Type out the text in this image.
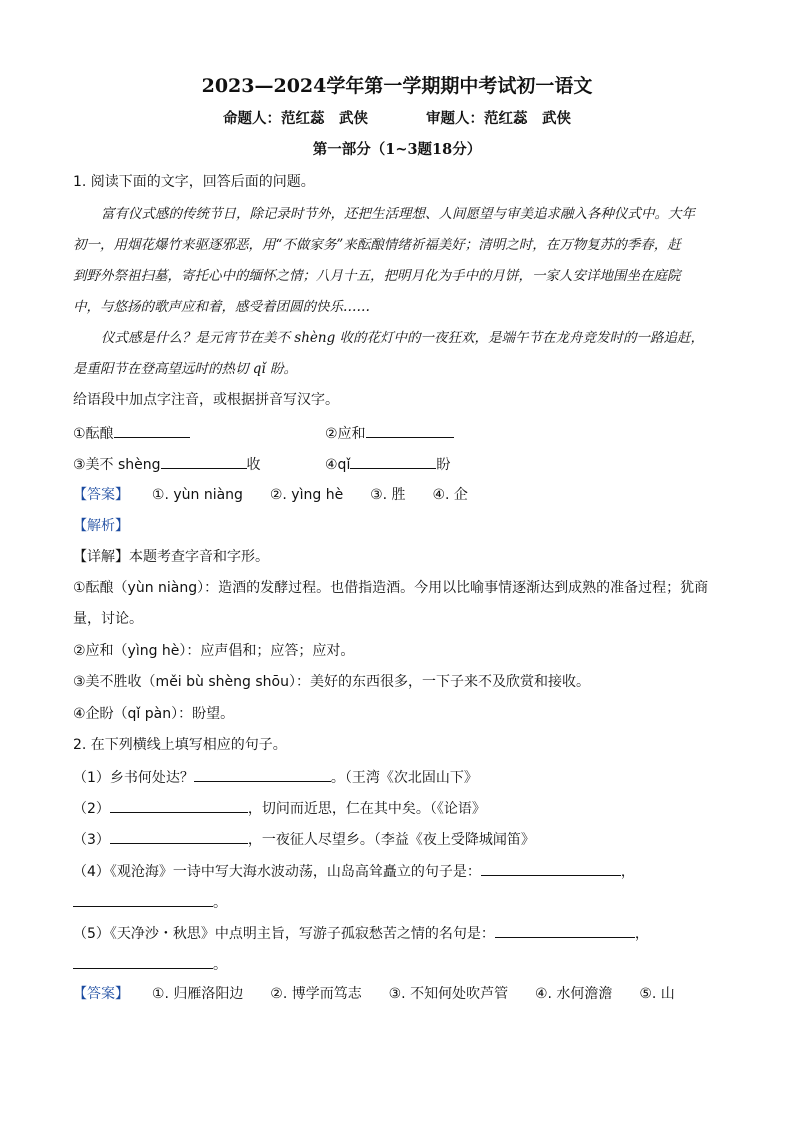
2023—2024学年第一学期期中考试初一语文
命题人：范红蕊　武侠　　　　审题人：范红蕊　武侠
第一部分（1~3题18分）
1. 阅读下面的文字，回答后面的问题。
富有仪式感的传统节日，除记录时节外，还把生活理想、人间愿望与审美追求融入各种仪式中。大年
初一，用烟花爆竹来驱逐邪恶，用“不做家务”来酝酿情绪祈福美好；清明之时，在万物复苏的季春，赶
到野外祭祖扫墓，寄托心中的缅怀之情；八月十五，把明月化为手中的月饼，一家人安详地围坐在庭院
中，与悠扬的歌声应和着，感受着团圆的快乐……
仪式感是什么？是元宵节在美不 shèng 收的花灯中的一夜狂欢，是端午节在龙舟竞发时的一路追赶，
是重阳节在登高望远时的热切 qǐ 盼。
给语段中加点字注音，或根据拼音写汉字。
①酝酿	②应和
③美不 shèng	收	④qǐ	盼
【答案】 ①. yùn niàng ②. yìng hè ③. 胜 ④. 企
【解析】
【详解】本题考查字音和字形。
①酝酿（yùn niàng）：造酒的发酵过程。也借指造酒。今用以比喻事情逐渐达到成熟的准备过程；犹商
量，讨论。
②应和（yìng hè）：应声倡和；应答；应对。
③美不胜收（měi bù shèng shōu）：美好的东西很多，一下子来不及欣赏和接收。
④企盼（qǐ pàn）：盼望。
2. 在下列横线上填写相应的句子。
（1）乡书何处达？	。（王湾《次北固山下》
（2）	，切问而近思，仁在其中矣。（《论语》
（3）	，一夜征人尽望乡。（李益《夜上受降城闻笛》
（4）《观沧海》一诗中写大海水波动荡，山岛高耸矗立的句子是：	，
。
（5）《天净沙・秋思》中点明主旨，写游子孤寂愁苦之情的名句是：	，
。
【答案】 ①. 归雁洛阳边 ②. 博学而笃志 ③. 不知何处吹芦管 ④. 水何澹澹 ⑤. 山
